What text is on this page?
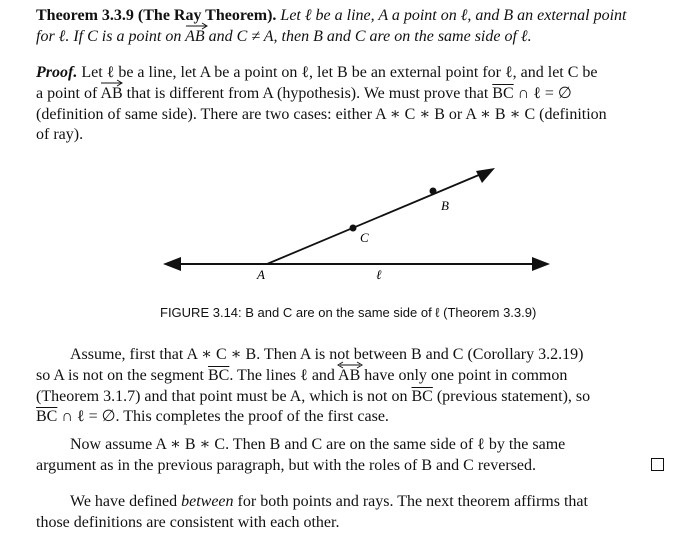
Theorem 3.3.9 (The Ray Theorem). Let ℓ be a line, A a point on ℓ, and B an external point
for ℓ. If C is a point on AB
and C ≠ A, then B and C are on the same side of ℓ.
Proof. Let ℓ be a line, let A be a point on ℓ, let B be an external point for ℓ, and let C be
a point of AB
that is different from A (hypothesis). We must prove that $\overline{BC}$ ∩ ℓ = ∅
(definition of same side). There are two cases: either A ∗ C ∗ B or A ∗ B ∗ C (definition
of ray).
A
B
C
ℓ
FIGURE 3.14: B and C are on the same side of ℓ (Theorem 3.3.9)
Assume, first that A ∗ C ∗ B. Then A is not between B and C (Corollary 3.2.19)
so A is not on the segment $\overline{BC}$. The lines ℓ and AB
have only one point in common
(Theorem 3.1.7) and that point must be A, which is not on $\overline{BC}$ (previous statement), so
$\overline{BC}$ ∩ ℓ = ∅. This completes the proof of the first case.
Now assume A ∗ B ∗ C. Then B and C are on the same side of ℓ by the same
argument as in the previous paragraph, but with the roles of B and C reversed.
We have defined between for both points and rays. The next theorem affirms that
those definitions are consistent with each other.
